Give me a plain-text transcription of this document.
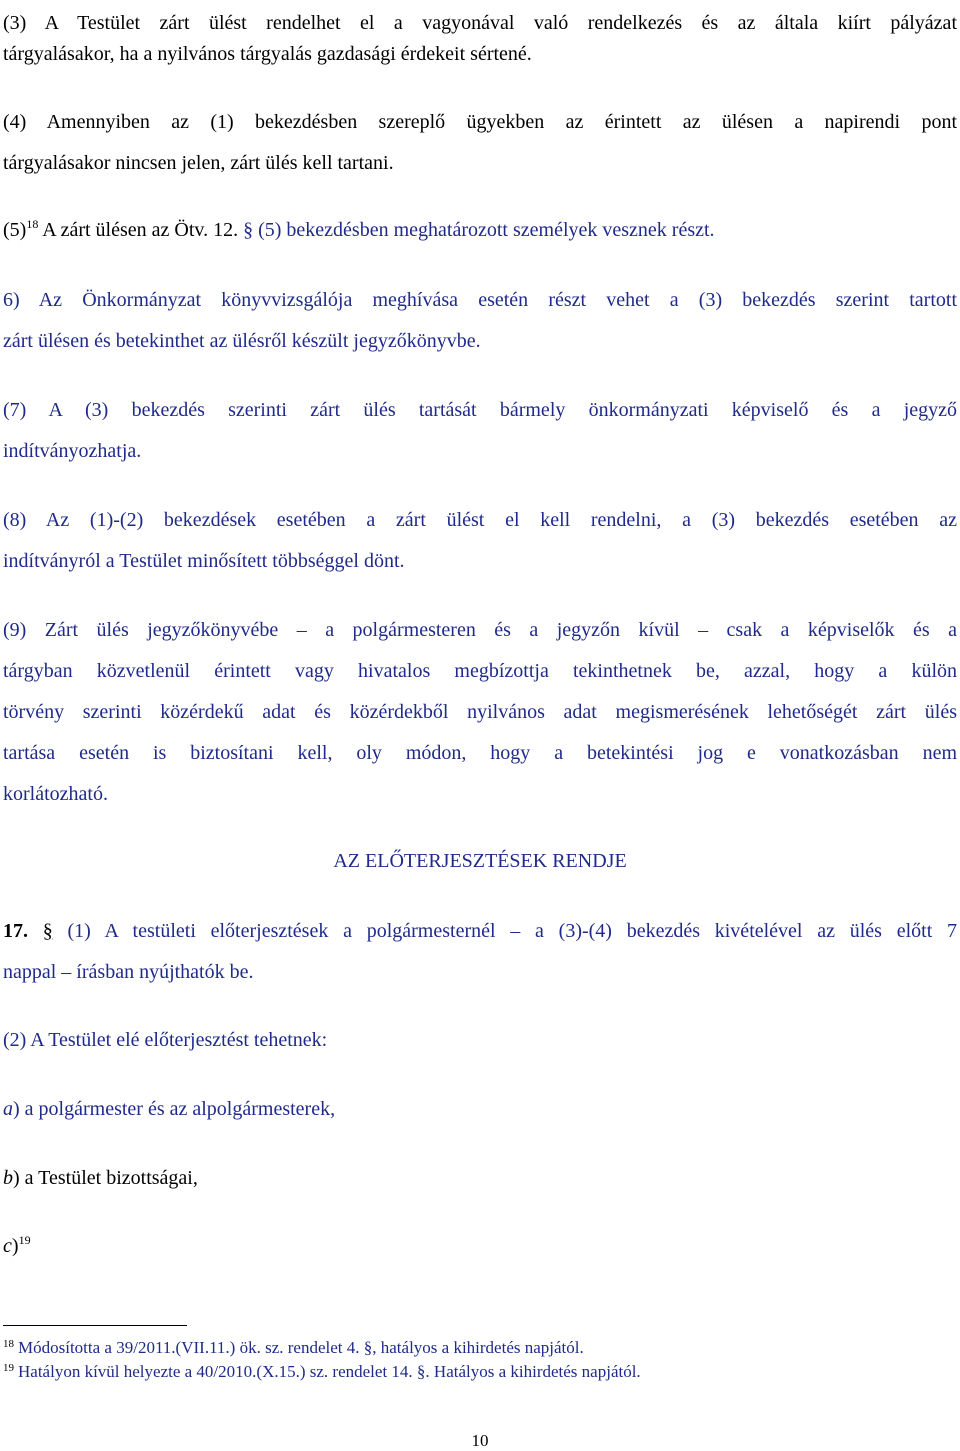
(3) A Testület zárt ülést rendelhet el a vagyonával való rendelkezés és az általa kiírt pályázat

tárgyalásakor, ha a nyilvános tárgyalás gazdasági érdekeit sértené.

(4) Amennyiben az (1) bekezdésben szereplő ügyekben az érintett az ülésen a napirendi pont

tárgyalásakor nincsen jelen, zárt ülés kell tartani.

$(5)^{18}$ A zárt ülésen az Ötv. 12. § (5) bekezdésben meghatározott személyek vesznek részt.

6) Az Önkormányzat könyvvizsgálója meghívása esetén részt vehet a (3) bekezdés szerint tartott

zárt ülésen és betekinthet az ülésről készült jegyzőkönyvbe.

(7) A (3) bekezdés szerinti zárt ülés tartását bármely önkormányzati képviselő és a jegyző

indítványozhatja.

(8) Az (1)-(2) bekezdések esetében a zárt ülést el kell rendelni, a (3) bekezdés esetében az

indítványról a Testület minősített többséggel dönt.

(9) Zárt ülés jegyzőkönyvébe – a polgármesteren és a jegyzőn kívül – csak a képviselők és a

tárgyban közvetlenül érintett vagy hivatalos megbízottja tekinthetnek be, azzal, hogy a külön

törvény szerinti közérdekű adat és közérdekből nyilvános adat megismerésének lehetőségét zárt ülés

tartása esetén is biztosítani kell, oly módon, hogy a betekintési jog e vonatkozásban nem

korlátozható.

AZ ELŐTERJESZTÉSEK RENDJE

17. § (1) A testületi előterjesztések a polgármesternél – a (3)-(4) bekezdés kivételével az ülés előtt 7

nappal – írásban nyújthatók be.

(2) A Testület elé előterjesztést tehetnek:

a) a polgármester és az alpolgármesterek,

b) a Testület bizottságai,

c)$^{19}$

$^{18}$ Módosította a 39/2011.(VII.11.) ök. sz. rendelet 4. §, hatályos a kihirdetés napjától.

$^{19}$ Hatályon kívül helyezte a 40/2010.(X.15.) sz. rendelet 14. §. Hatályos a kihirdetés napjától.

10
